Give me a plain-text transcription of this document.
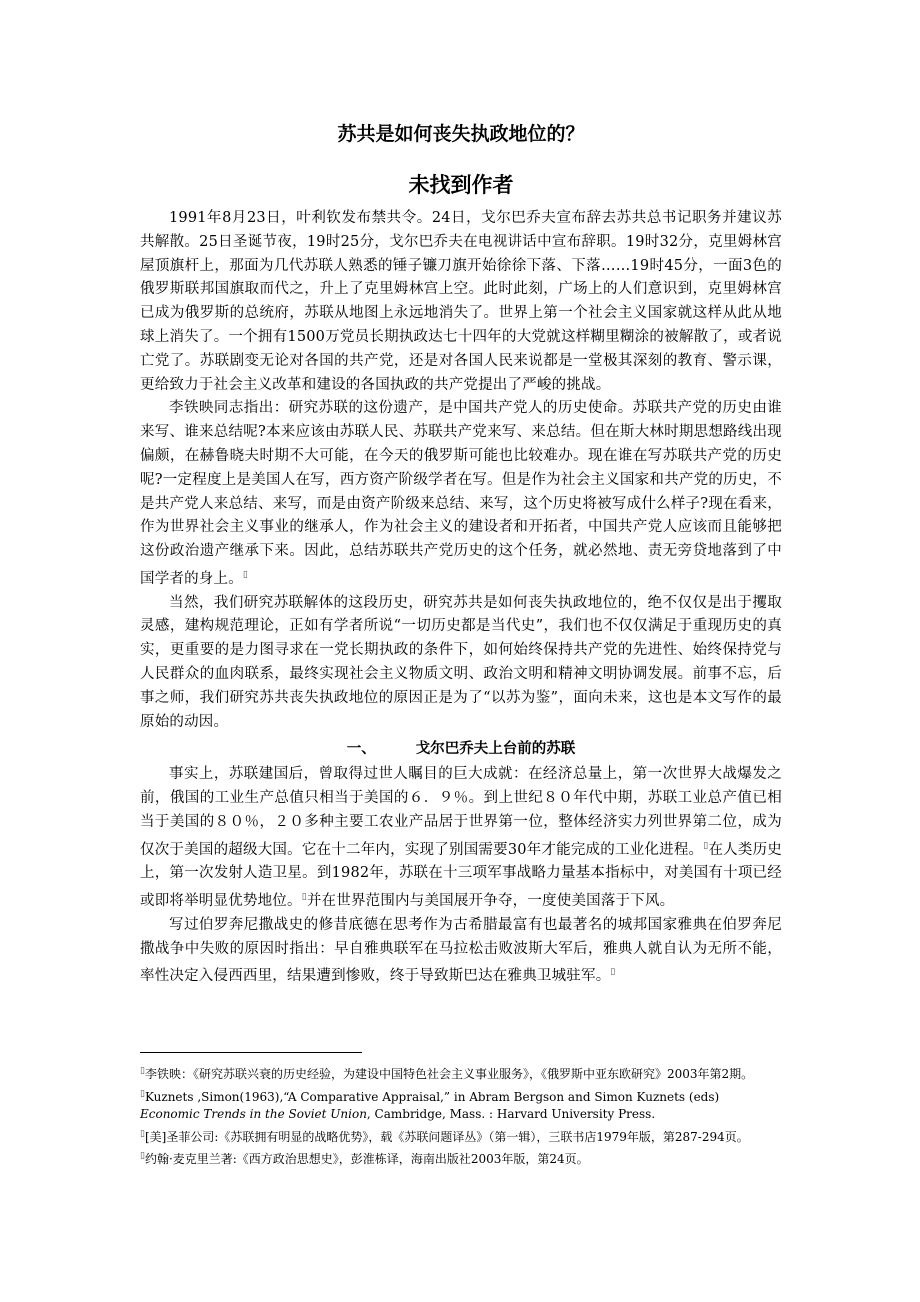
苏共是如何丧失执政地位的？
未找到作者

1991年8月23日，叶利钦发布禁共令。24日，戈尔巴乔夫宣布辞去苏共总书记职务并建议苏共解散。25日圣诞节夜，19时25分，戈尔巴乔夫在电视讲话中宣布辞职。19时32分，克里姆林宫屋顶旗杆上，那面为几代苏联人熟悉的锤子镰刀旗开始徐徐下落、下落……19时45分，一面3色的俄罗斯联邦国旗取而代之，升上了克里姆林宫上空。此时此刻，广场上的人们意识到，克里姆林宫已成为俄罗斯的总统府，苏联从地图上永远地消失了。世界上第一个社会主义国家就这样从此从地球上消失了。一个拥有1500万党员长期执政达七十四年的大党就这样糊里糊涂的被解散了，或者说亡党了。苏联剧变无论对各国的共产党，还是对各国人民来说都是一堂极其深刻的教育、警示课，更给致力于社会主义改革和建设的各国执政的共产党提出了严峻的挑战。

李铁映同志指出：研究苏联的这份遗产，是中国共产党人的历史使命。苏联共产党的历史由谁来写、谁来总结呢?本来应该由苏联人民、苏联共产党来写、来总结。但在斯大林时期思想路线出现偏颇，在赫鲁晓夫时期不大可能，在今天的俄罗斯可能也比较难办。现在谁在写苏联共产党的历史呢?一定程度上是美国人在写，西方资产阶级学者在写。但是作为社会主义国家和共产党的历史，不是共产党人来总结、来写，而是由资产阶级来总结、来写，这个历史将被写成什么样子?现在看来，作为世界社会主义事业的继承人，作为社会主义的建设者和开拓者，中国共产党人应该而且能够把这份政治遗产继承下来。因此，总结苏联共产党历史的这个任务，就必然地、责无旁贷地落到了中国学者的身上。▯

当然，我们研究苏联解体的这段历史，研究苏共是如何丧失执政地位的，绝不仅仅是出于攫取灵感，建构规范理论，正如有学者所说“一切历史都是当代史”，我们也不仅仅满足于重现历史的真实，更重要的是力图寻求在一党长期执政的条件下，如何始终保持共产党的先进性、始终保持党与人民群众的血肉联系，最终实现社会主义物质文明、政治文明和精神文明协调发展。前事不忘，后事之师，我们研究苏共丧失执政地位的原因正是为了“以苏为鉴”，面向未来，这也是本文写作的最原始的动因。

一、	戈尔巴乔夫上台前的苏联

事实上，苏联建国后，曾取得过世人瞩目的巨大成就：在经济总量上，第一次世界大战爆发之前，俄国的工业生产总值只相当于美国的６．９％。到上世纪８０年代中期，苏联工业总产值已相当于美国的８０％，２０多种主要工农业产品居于世界第一位，整体经济实力列世界第二位，成为仅次于美国的超级大国。它在十二年内，实现了别国需要30年才能完成的工业化进程。▯在人类历史上，第一次发射人造卫星。到1982年，苏联在十三项军事战略力量基本指标中，对美国有十项已经或即将举明显优势地位。▯并在世界范围内与美国展开争夺，一度使美国落于下风。

写过伯罗奔尼撒战史的修昔底德在思考作为古希腊最富有也最著名的城邦国家雅典在伯罗奔尼撒战争中失败的原因时指出：早自雅典联军在马拉松击败波斯大军后，雅典人就自认为无所不能，率性决定入侵西西里，结果遭到惨败，终于导致斯巴达在雅典卫城驻军。▯

▯李铁映：《研究苏联兴衰的历史经验，为建设中国特色社会主义事业服务》，《俄罗斯中亚东欧研究》2003年第2期。

▯Kuznets ,Simon(1963),“A Comparative Appraisal,” in Abram Bergson and Simon Kuznets (eds) Economic Trends in the Soviet Union, Cambridge, Mass. : Harvard University Press.

▯[美]圣菲公司:《苏联拥有明显的战略优势》，载《苏联问题译丛》（第一辑），三联书店1979年版，第287-294页。

▯约翰·麦克里兰著:《西方政治思想史》，彭淮栋译，海南出版社2003年版，第24页。
